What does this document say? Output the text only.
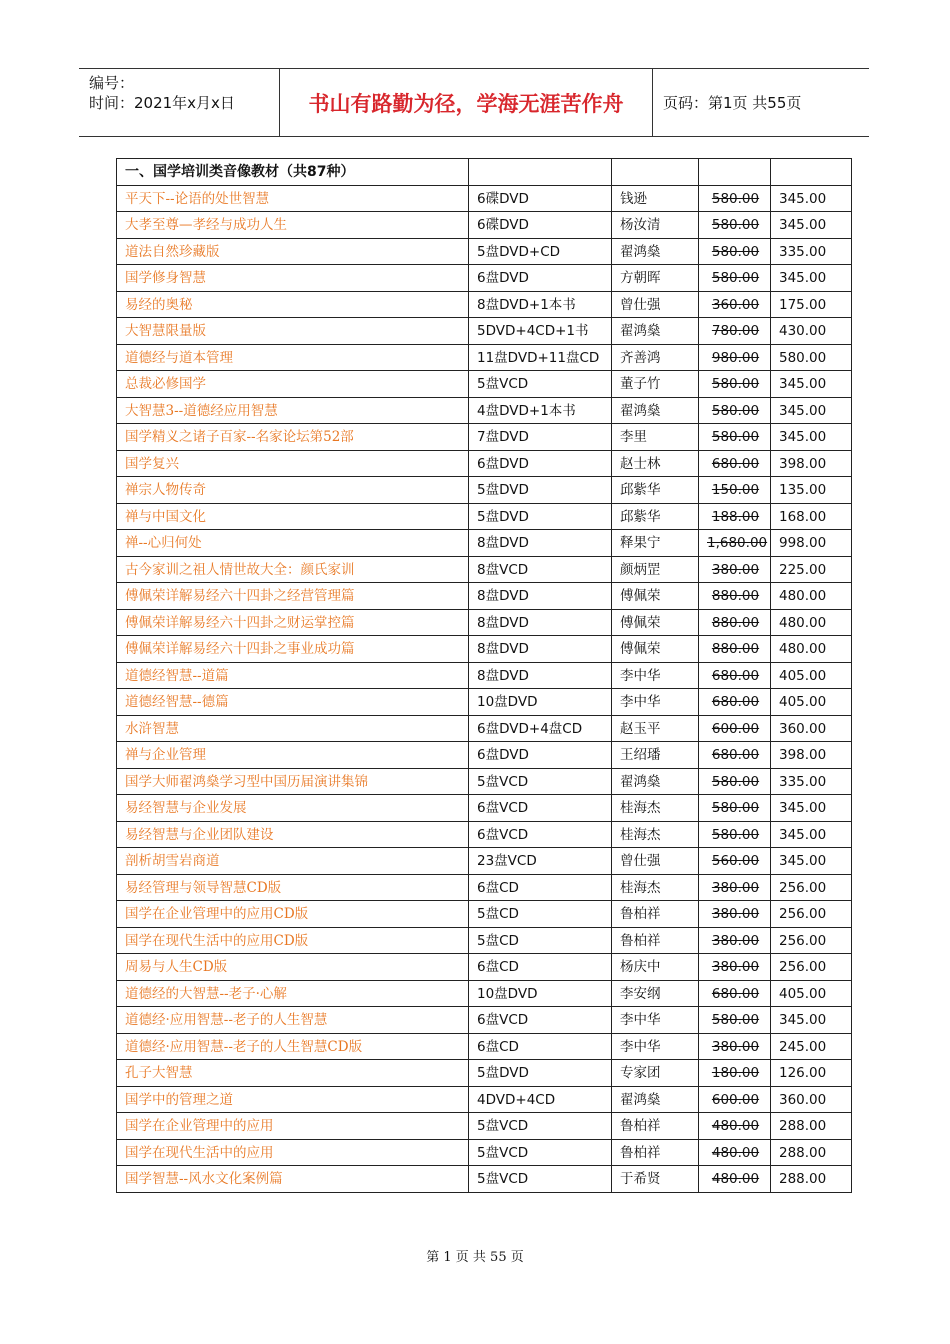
编号：
时间：2021年x月x日	书山有路勤为径，学海无涯苦作舟	页码：第1页 共55页
一、国学培训类音像教材（共87种）				
平天下--论语的处世智慧	6碟DVD	钱逊	580.00	345.00
大孝至尊—孝经与成功人生	6碟DVD	杨汝清	580.00	345.00
道法自然珍藏版	5盘DVD+CD	翟鸿燊	580.00	335.00
国学修身智慧	6盘DVD	方朝晖	580.00	345.00
易经的奥秘	8盘DVD+1本书	曾仕强	360.00	175.00
大智慧限量版	5DVD+4CD+1书	翟鸿燊	780.00	430.00
道德经与道本管理	11盘DVD+11盘CD	齐善鸿	980.00	580.00
总裁必修国学	5盘VCD	董子竹	580.00	345.00
大智慧3--道德经应用智慧	4盘DVD+1本书	翟鸿燊	580.00	345.00
国学精义之诸子百家--名家论坛第52部	7盘DVD	李里	580.00	345.00
国学复兴	6盘DVD	赵士林	680.00	398.00
禅宗人物传奇	5盘DVD	邱紫华	150.00	135.00
禅与中国文化	5盘DVD	邱紫华	188.00	168.00
禅--心归何处	8盘DVD	释果宁	1,680.00	998.00
古今家训之祖人情世故大全：颜氏家训	8盘VCD	颜炳罡	380.00	225.00
傅佩荣详解易经六十四卦之经营管理篇	8盘DVD	傅佩荣	880.00	480.00
傅佩荣详解易经六十四卦之财运掌控篇	8盘DVD	傅佩荣	880.00	480.00
傅佩荣详解易经六十四卦之事业成功篇	8盘DVD	傅佩荣	880.00	480.00
道德经智慧--道篇	8盘DVD	李中华	680.00	405.00
道德经智慧--德篇	10盘DVD	李中华	680.00	405.00
水浒智慧	6盘DVD+4盘CD	赵玉平	600.00	360.00
禅与企业管理	6盘DVD	王绍璠	680.00	398.00
国学大师翟鸿燊学习型中国历届演讲集锦	5盘VCD	翟鸿燊	580.00	335.00
易经智慧与企业发展	6盘VCD	桂海杰	580.00	345.00
易经智慧与企业团队建设	6盘VCD	桂海杰	580.00	345.00
剖析胡雪岩商道	23盘VCD	曾仕强	560.00	345.00
易经管理与领导智慧CD版	6盘CD	桂海杰	380.00	256.00
国学在企业管理中的应用CD版	5盘CD	鲁柏祥	380.00	256.00
国学在现代生活中的应用CD版	5盘CD	鲁柏祥	380.00	256.00
周易与人生CD版	6盘CD	杨庆中	380.00	256.00
道德经的大智慧--老子·心解	10盘DVD	李安纲	680.00	405.00
道德经·应用智慧--老子的人生智慧	6盘VCD	李中华	580.00	345.00
道德经·应用智慧--老子的人生智慧CD版	6盘CD	李中华	380.00	245.00
孔子大智慧	5盘DVD	专家团	180.00	126.00
国学中的管理之道	4DVD+4CD	翟鸿燊	600.00	360.00
国学在企业管理中的应用	5盘VCD	鲁柏祥	480.00	288.00
国学在现代生活中的应用	5盘VCD	鲁柏祥	480.00	288.00
国学智慧--风水文化案例篇	5盘VCD	于希贤	480.00	288.00
第 1 页 共 55 页
